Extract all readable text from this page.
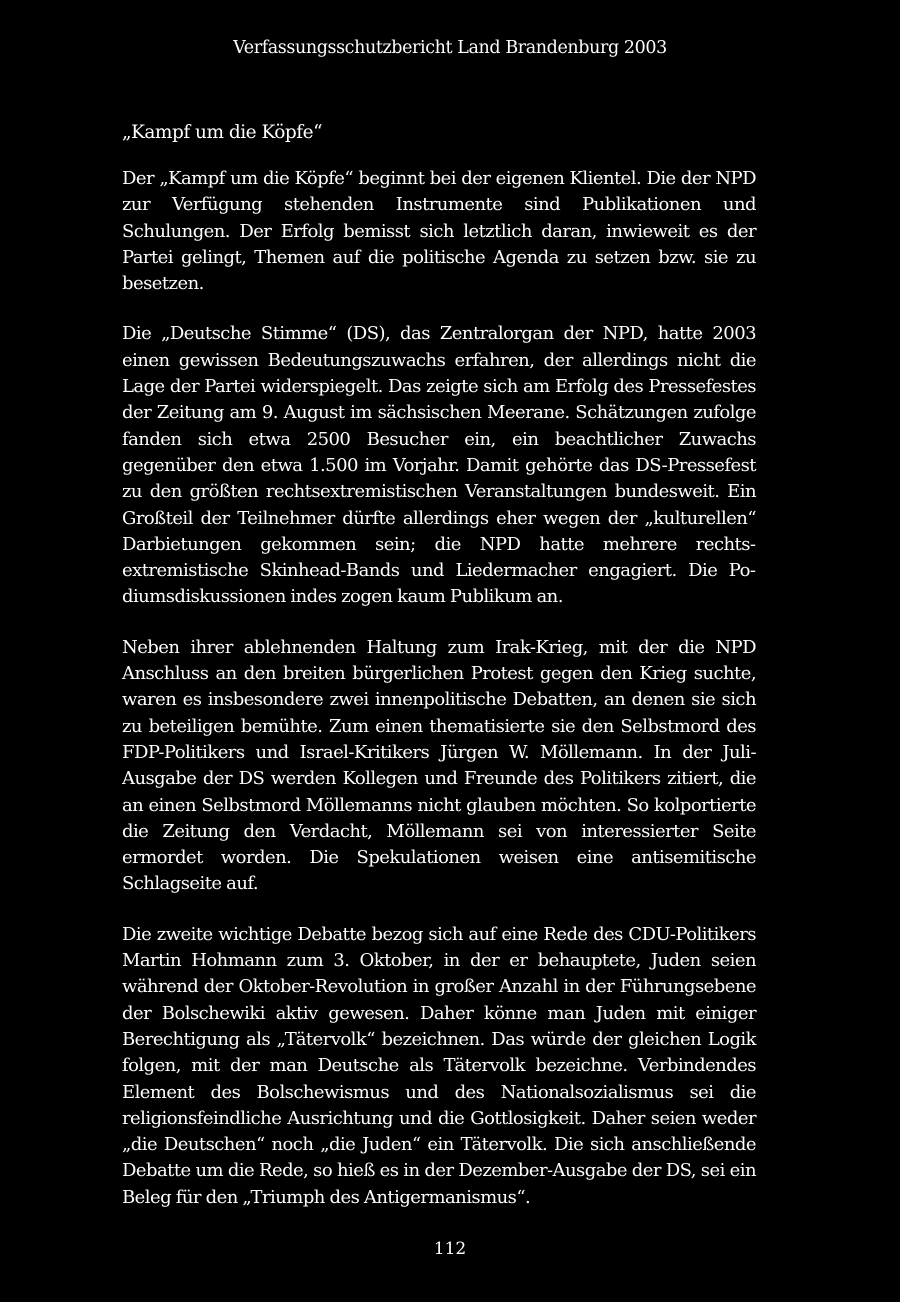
Verfassungsschutzbericht Land Brandenburg 2003
„Kampf um die Köpfe“

Der „Kampf um die Köpfe“ beginnt bei der eigenen Klientel. Die der NPD zur Verfügung stehenden Instrumente sind Publikationen und Schulungen. Der Erfolg bemisst sich letztlich daran, inwieweit es der Partei gelingt, Themen auf die politische Agenda zu setzen bzw. sie zu besetzen.

Die „Deutsche Stimme“ (DS), das Zentralorgan der NPD, hatte 2003 einen gewissen Bedeutungszuwachs erfahren, der allerdings nicht die Lage der Partei widerspiegelt. Das zeigte sich am Erfolg des Pressefestes der Zeitung am 9. August im sächsischen Meerane. Schätzungen zufolge fanden sich etwa 2500 Besucher ein, ein beachtlicher Zuwachs gegenüber den etwa 1.500 im Vorjahr. Damit gehörte das DS-Pressefest zu den größten rechtsextremistischen Veranstaltungen bundesweit. Ein Großteil der Teilnehmer dürfte allerdings eher wegen der „kulturellen“ Darbietungen gekommen sein; die NPD hatte mehrere rechtsextremistische Skinhead-Bands und Liedermacher engagiert. Die Podiumsdiskussionen indes zogen kaum Publikum an.

Neben ihrer ablehnenden Haltung zum Irak-Krieg, mit der die NPD Anschluss an den breiten bürgerlichen Protest gegen den Krieg suchte, waren es insbesondere zwei innenpolitische Debatten, an denen sie sich zu beteiligen bemühte. Zum einen thematisierte sie den Selbstmord des FDP-Politikers und Israel-Kritikers Jürgen W. Möllemann. In der Juli-Ausgabe der DS werden Kollegen und Freunde des Politikers zitiert, die an einen Selbstmord Möllemanns nicht glauben möchten. So kolportierte die Zeitung den Verdacht, Möllemann sei von interessierter Seite ermordet worden. Die Spekulationen weisen eine antisemitische Schlagseite auf.

Die zweite wichtige Debatte bezog sich auf eine Rede des CDU-Politikers Martin Hohmann zum 3. Oktober, in der er behauptete, Juden seien während der Oktober-Revolution in großer Anzahl in der Führungsebene der Bolschewiki aktiv gewesen. Daher könne man Juden mit einiger Berechtigung als „Tätervolk“ bezeichnen. Das würde der gleichen Logik folgen, mit der man Deutsche als Tätervolk bezeichne. Verbindendes Element des Bolschewismus und des Nationalsozialismus sei die religionsfeindliche Ausrichtung und die Gottlosigkeit. Daher seien weder „die Deutschen“ noch „die Juden“ ein Tätervolk. Die sich anschließende Debatte um die Rede, so hieß es in der Dezember-Ausgabe der DS, sei ein Beleg für den „Triumph des Antigermanismus“.

112
